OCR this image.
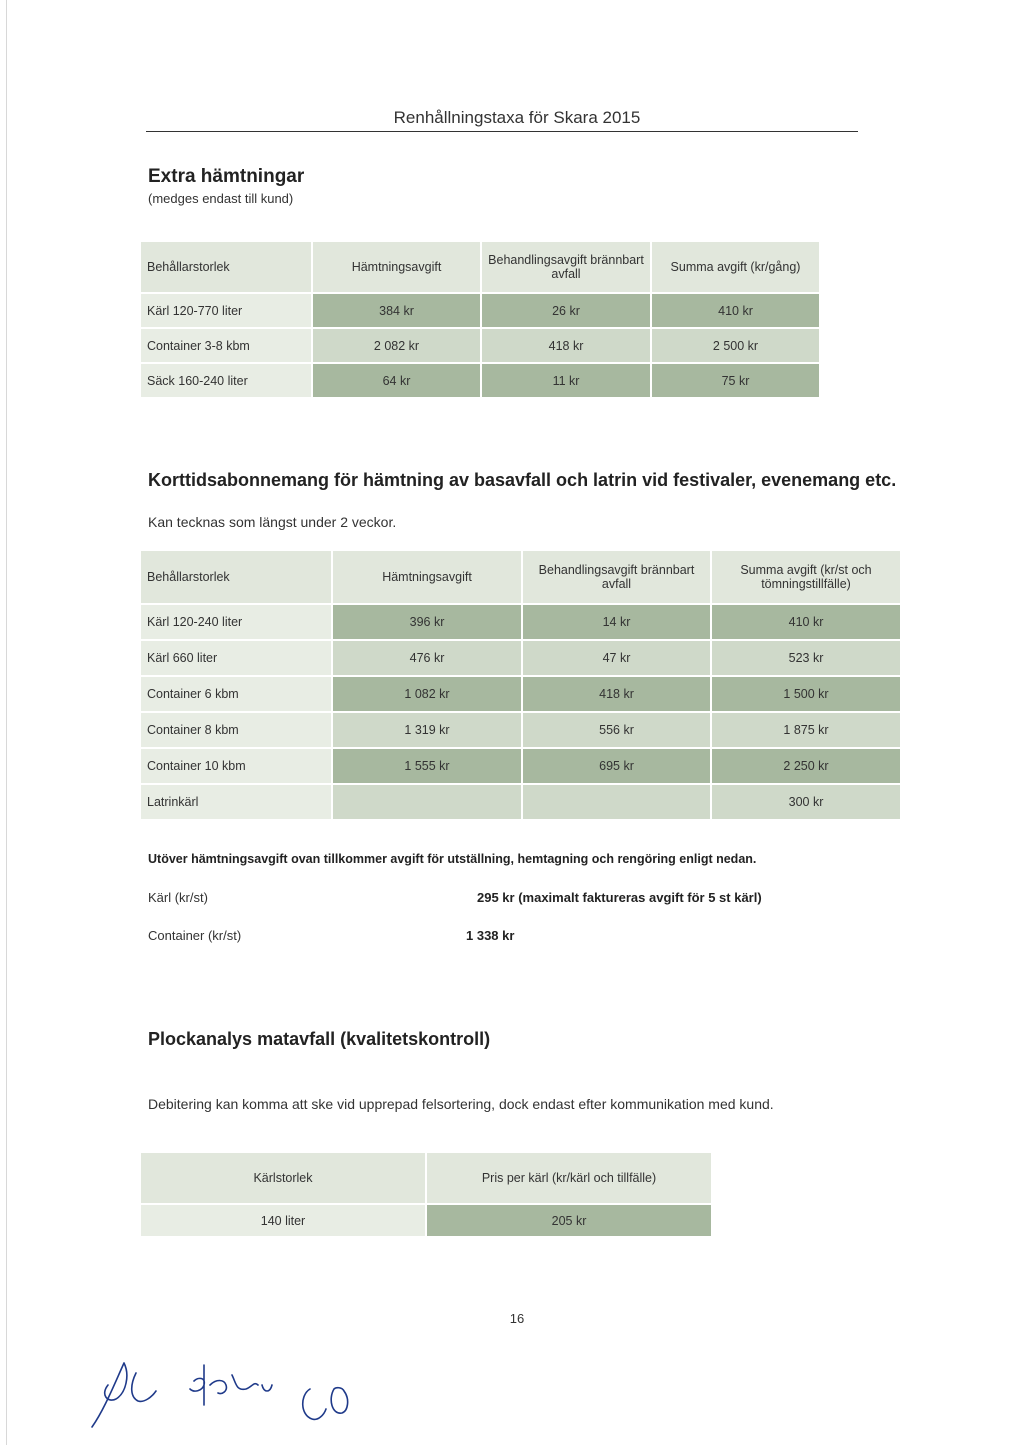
Renhållningstaxa för Skara 2015
Extra hämtningar
(medges endast till kund)
Behållarstorlek	Hämtningsavgift	Behandlingsavgift brännbart avfall	Summa avgift (kr/gång)
Kärl 120-770 liter	384 kr	26 kr	410 kr
Container 3-8 kbm	2 082 kr	418 kr	2 500 kr
Säck 160-240 liter	64 kr	11 kr	75 kr
Korttidsabonnemang för hämtning av basavfall och latrin vid festivaler, evenemang etc.
Kan tecknas som längst under 2 veckor.
Behållarstorlek	Hämtningsavgift	Behandlingsavgift brännbart avfall	Summa avgift (kr/st och tömningstillfälle)
Kärl 120-240 liter	396 kr	14 kr	410 kr
Kärl 660 liter	476 kr	47 kr	523 kr
Container 6 kbm	1 082 kr	418 kr	1 500 kr
Container 8 kbm	1 319 kr	556 kr	1 875 kr
Container 10 kbm	1 555 kr	695 kr	2 250 kr
Latrinkärl			300 kr
Utöver hämtningsavgift ovan tillkommer avgift för utställning, hemtagning och rengöring enligt nedan.
Kärl (kr/st)	295 kr (maximalt faktureras avgift för 5 st kärl)
Container (kr/st)	1 338 kr
Plockanalys matavfall (kvalitetskontroll)
Debitering kan komma att ske vid upprepad felsortering, dock endast efter kommunikation med kund.
Kärlstorlek	Pris per kärl (kr/kärl och tillfälle)
140 liter	205 kr
16
